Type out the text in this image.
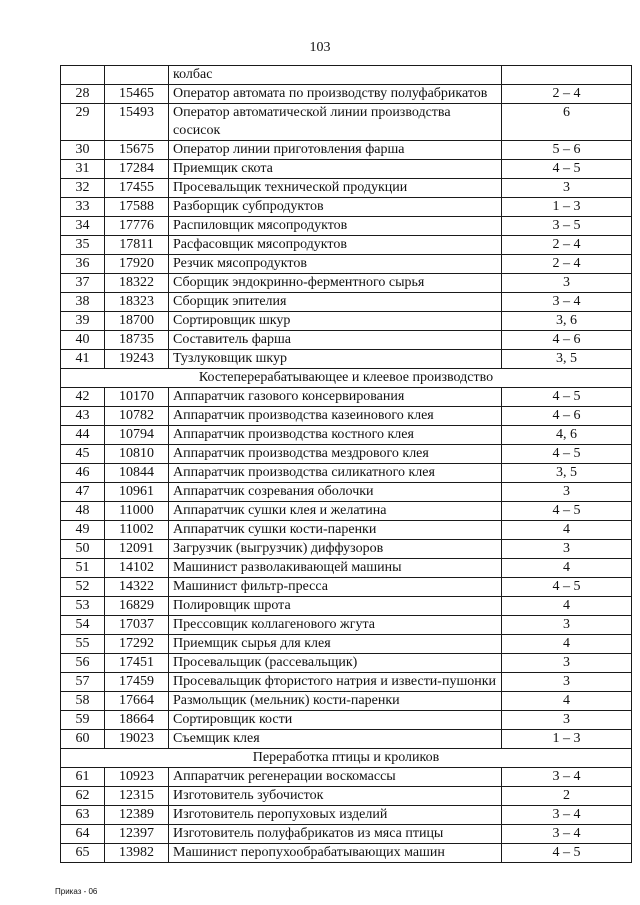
103
		колбас	
28	15465	Оператор автомата по производству полуфабрикатов	2 – 4
29	15493	Оператор автоматической линии производства сосисок	6
30	15675	Оператор линии приготовления фарша	5 – 6
31	17284	Приемщик скота	4 – 5
32	17455	Просевальщик технической продукции	3
33	17588	Разборщик субпродуктов	1 – 3
34	17776	Распиловщик мясопродуктов	3 – 5
35	17811	Расфасовщик мясопродуктов	2 – 4
36	17920	Резчик мясопродуктов	2 – 4
37	18322	Сборщик эндокринно-ферментного сырья	3
38	18323	Сборщик эпителия	3 – 4
39	18700	Сортировщик шкур	3, 6
40	18735	Составитель фарша	4 – 6
41	19243	Тузлуковщик шкур	3, 5
Костеперерабатывающее и клеевое производство			
42	10170	Аппаратчик газового консервирования	4 – 5
43	10782	Аппаратчик производства казеинового клея	4 – 6
44	10794	Аппаратчик производства костного клея	4, 6
45	10810	Аппаратчик производства мездрового клея	4 – 5
46	10844	Аппаратчик производства силикатного клея	3, 5
47	10961	Аппаратчик созревания оболочки	3
48	11000	Аппаратчик сушки клея и желатина	4 – 5
49	11002	Аппаратчик сушки кости-паренки	4
50	12091	Загрузчик (выгрузчик) диффузоров	3
51	14102	Машинист разволакивающей машины	4
52	14322	Машинист фильтр-пресса	4 – 5
53	16829	Полировщик шрота	4
54	17037	Прессовщик коллагенового жгута	3
55	17292	Приемщик сырья для клея	4
56	17451	Просевальщик (рассевальщик)	3
57	17459	Просевальщик фтористого натрия и извести-пушонки	3
58	17664	Размольщик (мельник) кости-паренки	4
59	18664	Сортировщик кости	3
60	19023	Съемщик клея	1 – 3
Переработка птицы и кроликов			
61	10923	Аппаратчик регенерации воскомассы	3 – 4
62	12315	Изготовитель зубочисток	2
63	12389	Изготовитель перопуховых изделий	3 – 4
64	12397	Изготовитель полуфабрикатов из мяса птицы	3 – 4
65	13982	Машинист перопухообрабатывающих машин	4 – 5
Приказ - 06
